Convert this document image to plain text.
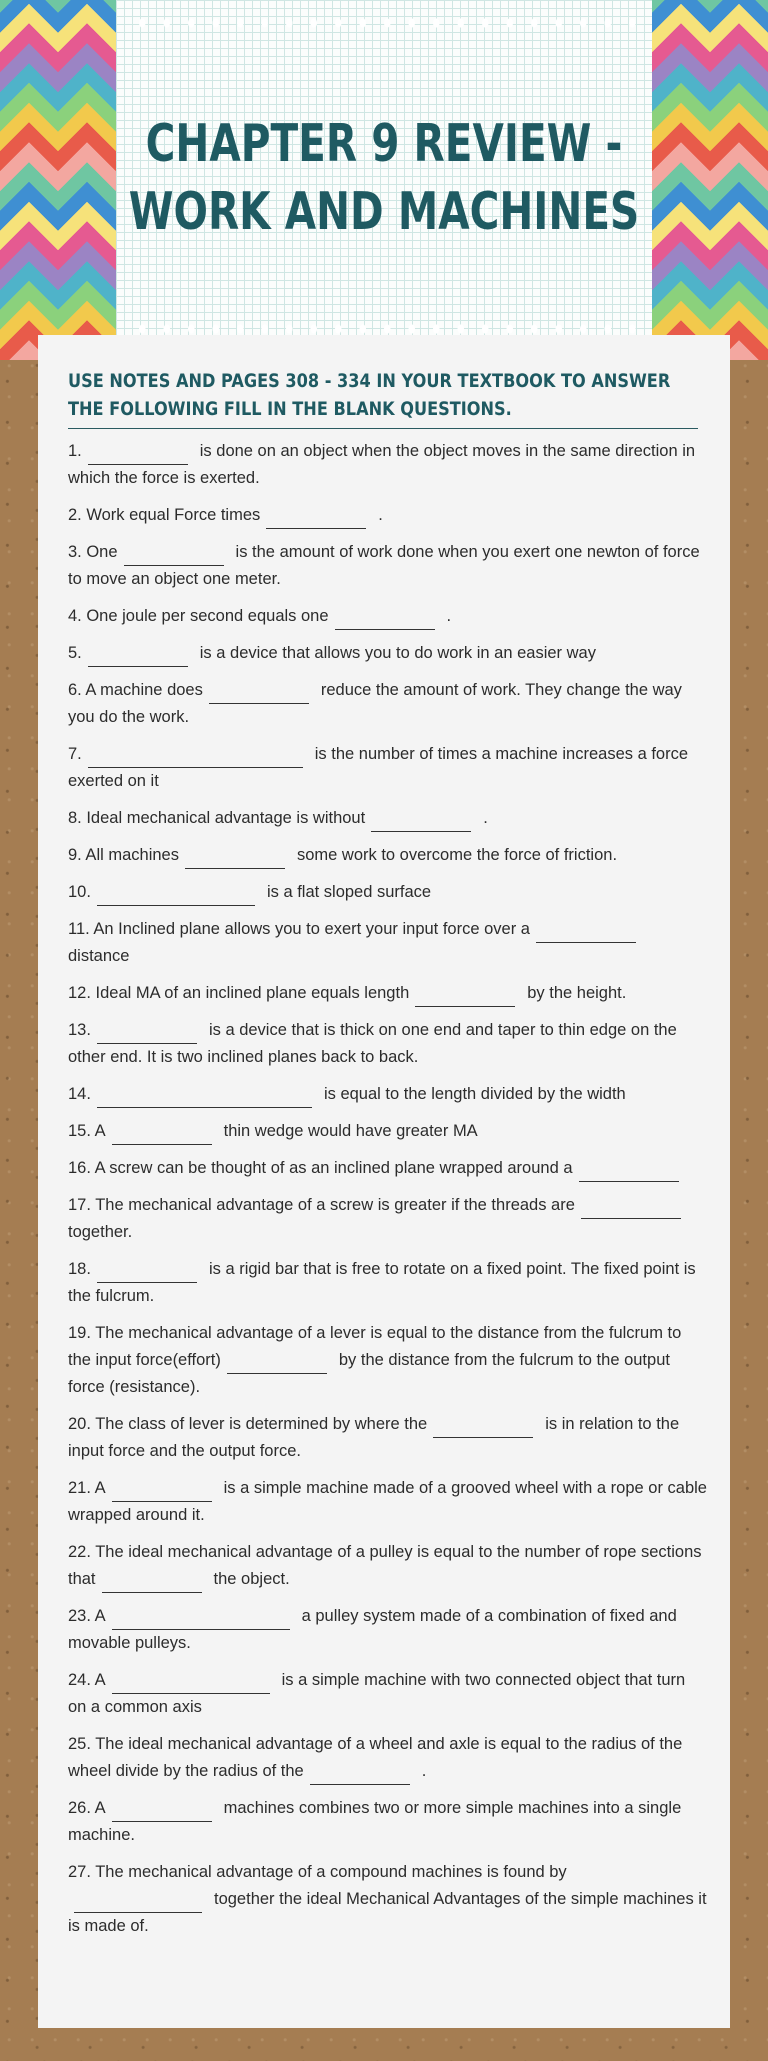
CHAPTER 9 REVIEW -
WORK AND MACHINES
USE NOTES AND PAGES 308 - 334 IN YOUR TEXTBOOK TO ANSWER THE FOLLOWING FILL IN THE BLANK QUESTIONS.
1.	is done on an object when the object moves in the same direction in which the force is exerted.
2. Work equal Force times	.
3. One	is the amount of work done when you exert one newton of force to move an object one meter.
4. One joule per second equals one	.
5.	is a device that allows you to do work in an easier way
6. A machine does	reduce the amount of work. They change the way you do the work.
7.	is the number of times a machine increases a force exerted on it
8. Ideal mechanical advantage is without	.
9. All machines	some work to overcome the force of friction.
10.	is a flat sloped surface
11. An Inclined plane allows you to exert your input force over adistance
12. Ideal MA of an inclined plane equals length	by the height.
13.	is a device that is thick on one end and taper to thin edge on the other end. It is two inclined planes back to back.
14.	is equal to the length divided by the width
15. A	thin wedge would have greater MA
16. A screw can be thought of as an inclined plane wrapped around a
17. The mechanical advantage of a screw is greater if the threads aretogether.
18.	is a rigid bar that is free to rotate on a fixed point. The fixed point is the fulcrum.
19. The mechanical advantage of a lever is equal to the distance from the fulcrum to the input force(effort)	by the distance from the fulcrum to the output force (resistance).
20. The class of lever is determined by where the	is in relation to the input force and the output force.
21. A	is a simple machine made of a grooved wheel with a rope or cable wrapped around it.
22. The ideal mechanical advantage of a pulley is equal to the number of rope sections that	the object.
23. A	a pulley system made of a combination of fixed and movable pulleys.
24. A	is a simple machine with two connected object that turn on a common axis
25. The ideal mechanical advantage of a wheel and axle is equal to the radius of the wheel divide by the radius of the	.
26. A	machines combines two or more simple machines into a single machine.
27. The mechanical advantage of a compound machines is found bytogether the ideal Mechanical Advantages of the simple machines it is made of.
